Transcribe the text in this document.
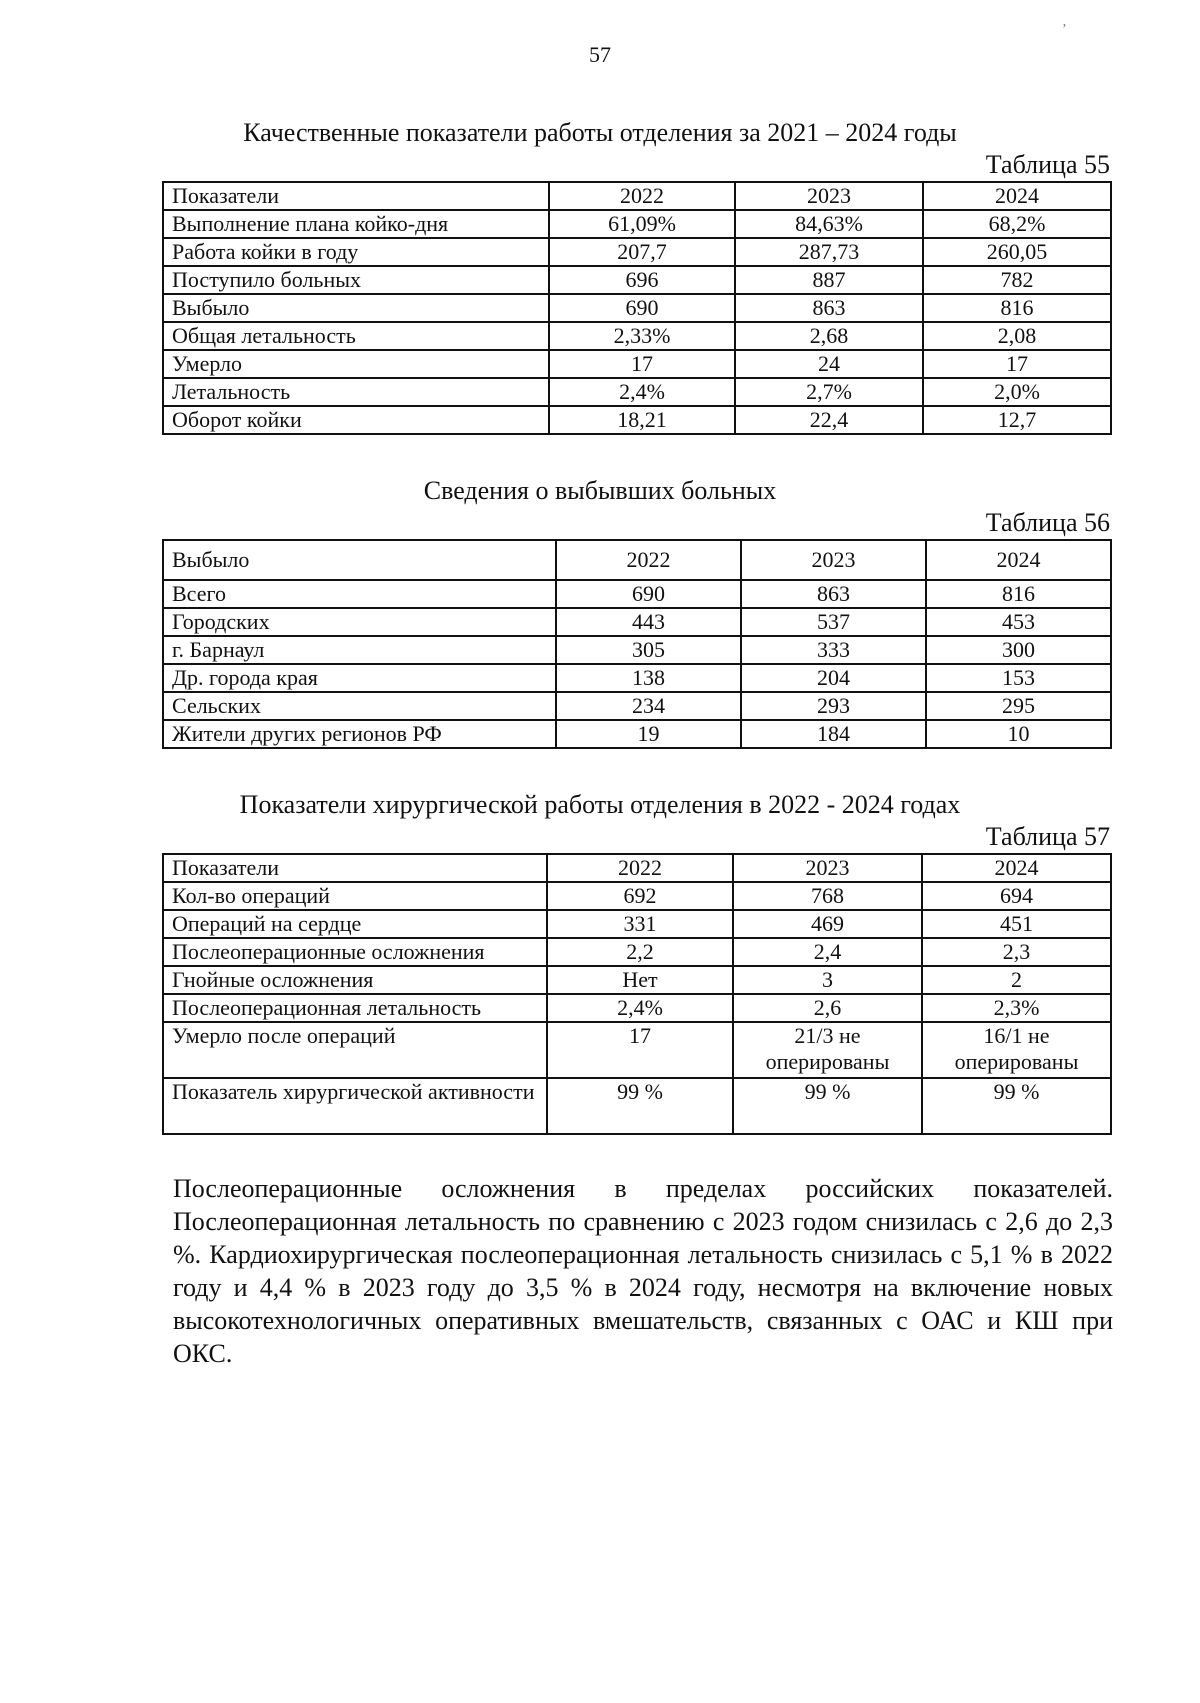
ʼ
57
Качественные показатели работы отделения за 2021 – 2024 годы
Таблица 55
Показатели	2022	2023	2024
Выполнение плана койко-дня	61,09%	84,63%	68,2%
Работа койки в году	207,7	287,73	260,05
Поступило больных	696	887	782
Выбыло	690	863	816
Общая летальность	2,33%	2,68	2,08
Умерло	17	24	17
Летальность	2,4%	2,7%	2,0%
Оборот койки	18,21	22,4	12,7
Сведения о выбывших больных
Таблица 56
Выбыло	2022	2023	2024
Всего	690	863	816
Городских	443	537	453
г. Барнаул	305	333	300
Др. города края	138	204	153
Сельских	234	293	295
Жители других регионов РФ	19	184	10
Показатели хирургической работы отделения в 2022 - 2024 годах
Таблица 57
Показатели	2022	2023	2024
Кол-во операций	692	768	694
Операций на сердце	331	469	451
Послеоперационные осложнения	2,2	2,4	2,3
Гнойные осложнения	Нет	3	2
Послеоперационная летальность	2,4%	2,6	2,3%
Умерло после операций	17	21/3 не оперированы	16/1 не оперированы
Показатель хирургической активности	99 %	99 %	99 %
Послеоперационные осложнения в пределах российских показателей. Послеоперационная летальность по сравнению с 2023 годом снизилась с 2,6 до 2,3 %. Кардиохирургическая послеоперационная летальность снизилась с 5,1 % в 2022 году и 4,4 % в 2023 году до 3,5 % в 2024 году, несмотря на включение новых высокотехнологичных оперативных вмешательств, связанных с ОАС и КШ при ОКС.
